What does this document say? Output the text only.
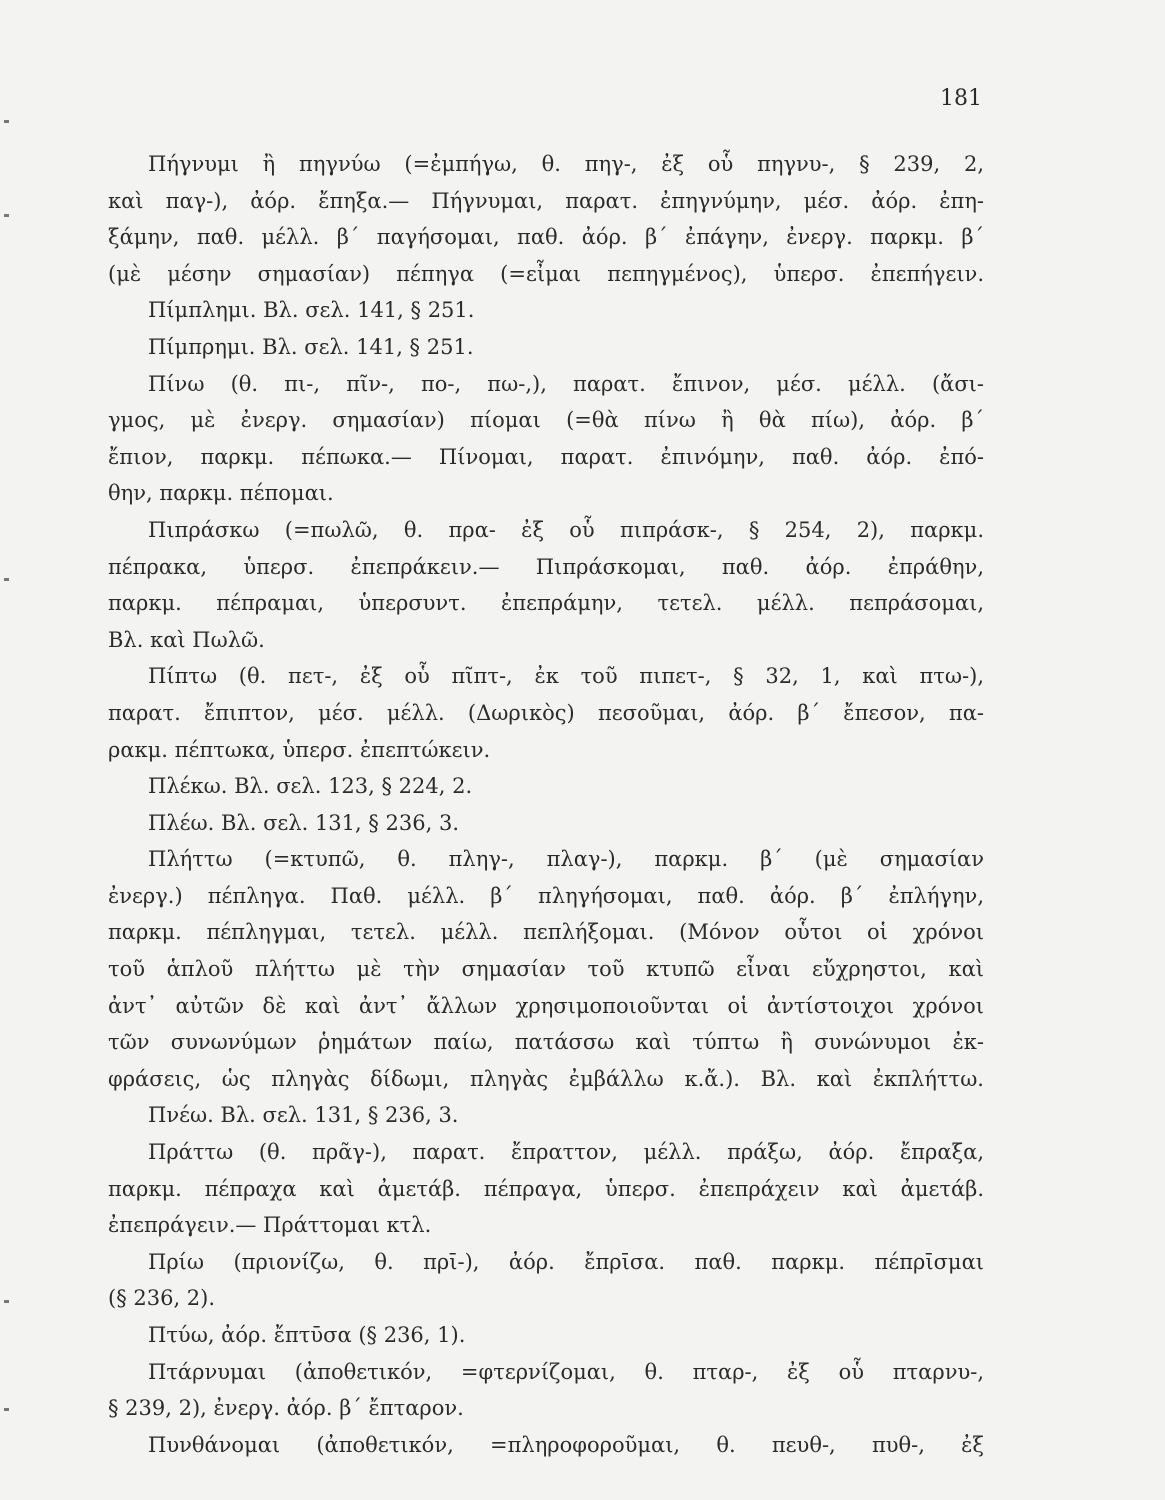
181
Πήγνυμι ἢ πηγνύω (=ἐμπήγω, θ. πηγ-, ἐξ οὗ πηγνυ-, § 239, 2,
καὶ παγ-), ἀόρ. ἔπηξα.— Πήγνυμαι, παρατ. ἐπηγνύμην, μέσ. ἀόρ. ἐπη-
ξάμην, παθ. μέλλ. β΄ παγήσομαι, παθ. ἀόρ. β΄ ἐπάγην, ἐνεργ. παρκμ. β΄
(μὲ μέσην σημασίαν) πέπηγα (=εἶμαι πεπηγμένος), ὑπερσ. ἐπεπήγειν.
Πίμπλημι. Βλ. σελ. 141, § 251.
Πίμπρημι. Βλ. σελ. 141, § 251.
Πίνω (θ. πι-, πῖν-, πο-, πω-,), παρατ. ἔπινον, μέσ. μέλλ. (ἄσι-
γμος, μὲ ἐνεργ. σημασίαν) πίομαι (=θὰ πίνω ἢ θὰ πίω), ἀόρ. β΄
ἔπιον, παρκμ. πέπωκα.— Πίνομαι, παρατ. ἐπινόμην, παθ. ἀόρ. ἐπό-
θην, παρκμ. πέπομαι.
Πιπράσκω (=πωλῶ, θ. πρα- ἐξ οὗ πιπράσκ-, § 254, 2), παρκμ.
πέπρακα, ὑπερσ. ἐπεπράκειν.— Πιπράσκομαι, παθ. ἀόρ. ἐπράθην,
παρκμ. πέπραμαι, ὑπερσυντ. ἐπεπράμην, τετελ. μέλλ. πεπράσομαι,
Βλ. καὶ Πωλῶ.
Πίπτω (θ. πετ-, ἐξ οὗ πῖπτ-, ἐκ τοῦ πιπετ-, § 32, 1, καὶ πτω-),
παρατ. ἔπιπτον, μέσ. μέλλ. (Δωρικὸς) πεσοῦμαι, ἀόρ. β΄ ἔπεσον, πα-
ρακμ. πέπτωκα, ὑπερσ. ἐπεπτώκειν.
Πλέκω. Βλ. σελ. 123, § 224, 2.
Πλέω. Βλ. σελ. 131, § 236, 3.
Πλήττω (=κτυπῶ, θ. πληγ-, πλαγ-), παρκμ. β΄ (μὲ σημασίαν
ἐνεργ.) πέπληγα. Παθ. μέλλ. β΄ πληγήσομαι, παθ. ἀόρ. β΄ ἐπλήγην,
παρκμ. πέπληγμαι, τετελ. μέλλ. πεπλήξομαι. (Μόνον οὗτοι οἱ χρόνοι
τοῦ ἁπλοῦ πλήττω μὲ τὴν σημασίαν τοῦ κτυπῶ εἶναι εὔχρηστοι, καὶ
ἀντ᾽ αὐτῶν δὲ καὶ ἀντ᾽ ἄλλων χρησιμοποιοῦνται οἱ ἀντίστοιχοι χρόνοι
τῶν συνωνύμων ῥημάτων παίω, πατάσσω καὶ τύπτω ἢ συνώνυμοι ἐκ-
φράσεις, ὡς πληγὰς δίδωμι, πληγὰς ἐμβάλλω κ.ἄ.). Βλ. καὶ ἐκπλήττω.
Πνέω. Βλ. σελ. 131, § 236, 3.
Πράττω (θ. πρᾶγ-), παρατ. ἔπραττον, μέλλ. πράξω, ἀόρ. ἔπραξα,
παρκμ. πέπραχα καὶ ἀμετάβ. πέπραγα, ὑπερσ. ἐπεπράχειν καὶ ἀμετάβ.
ἐπεπράγειν.— Πράττομαι κτλ.
Πρίω (πριονίζω, θ. πρῑ-), ἀόρ. ἔπρῑσα. παθ. παρκμ. πέπρῑσμαι
(§ 236, 2).
Πτύω, ἀόρ. ἔπτῡσα (§ 236, 1).
Πτάρνυμαι (ἀποθετικόν, =φτερνίζομαι, θ. πταρ-, ἐξ οὗ πταρνυ-,
§ 239, 2), ἐνεργ. ἀόρ. β΄ ἔπταρον.
Πυνθάνομαι (ἀποθετικόν, =πληροφοροῦμαι, θ. πευθ-, πυθ-, ἐξ
